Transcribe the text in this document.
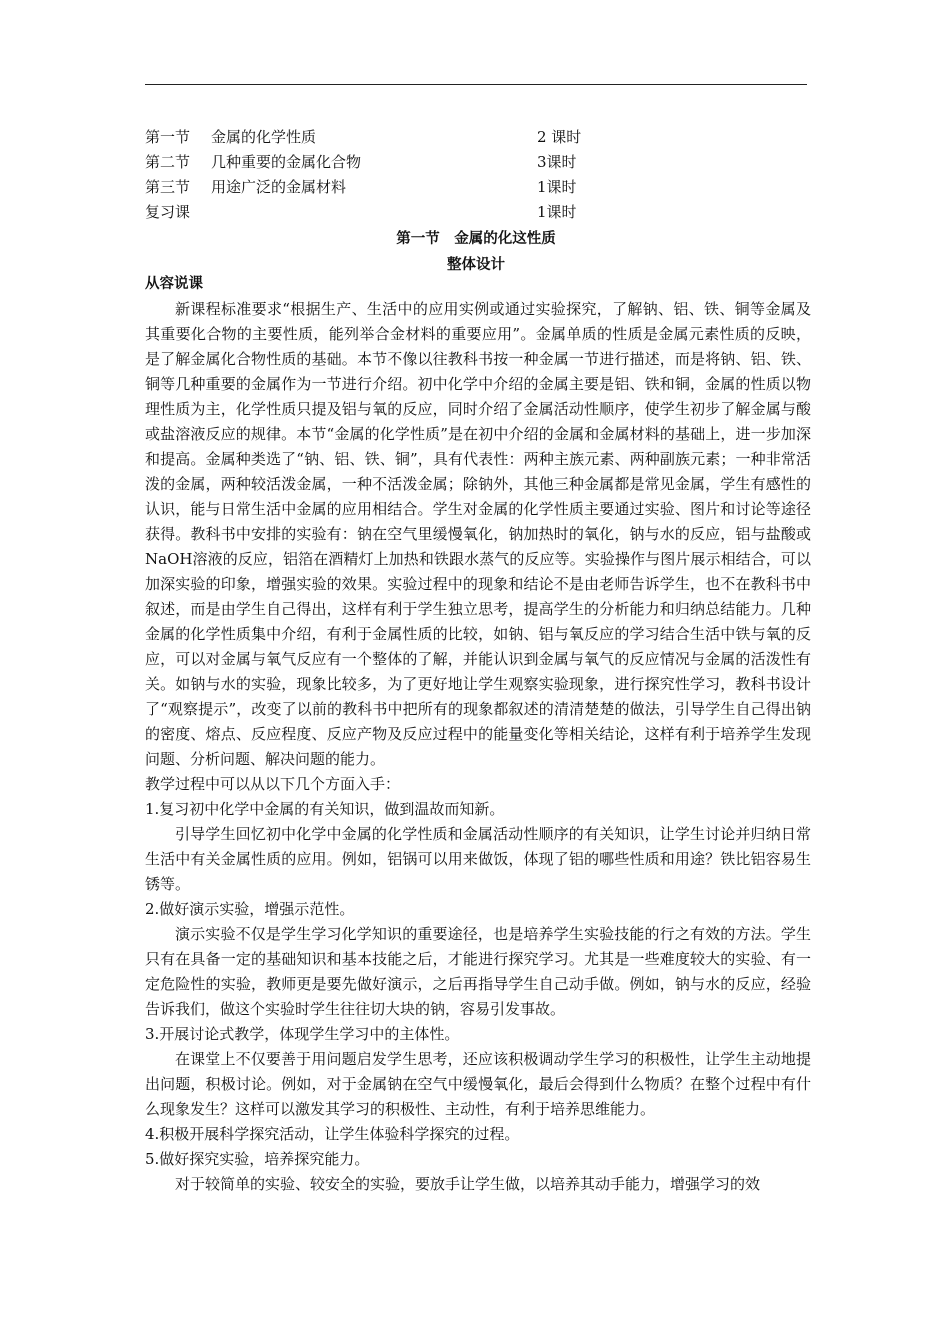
第一节 金属的化学性质	2 课时
第二节 几种重要的金属化合物	3课时
第三节 用途广泛的金属材料	1课时
复习课	1课时
第一节　金属的化这性质
整体设计

从容说课

新课程标准要求“根据生产、生活中的应用实例或通过实验探究，了解钠、铝、铁、铜等金属及其重要化合物的主要性质，能列举合金材料的重要应用”。金属单质的性质是金属元素性质的反映，是了解金属化合物性质的基础。本节不像以往教科书按一种金属一节进行描述，而是将钠、铝、铁、铜等几种重要的金属作为一节进行介绍。初中化学中介绍的金属主要是铝、铁和铜，金属的性质以物理性质为主，化学性质只提及铝与氧的反应，同时介绍了金属活动性顺序，使学生初步了解金属与酸或盐溶液反应的规律。本节“金属的化学性质”是在初中介绍的金属和金属材料的基础上，进一步加深和提高。金属种类选了“钠、铝、铁、铜”，具有代表性：两种主族元素、两种副族元素；一种非常活泼的金属，两种较活泼金属，一种不活泼金属；除钠外，其他三种金属都是常见金属，学生有感性的认识，能与日常生活中金属的应用相结合。学生对金属的化学性质主要通过实验、图片和讨论等途径获得。教科书中安排的实验有：钠在空气里缓慢氧化，钠加热时的氧化，钠与水的反应，铝与盐酸或NaOH溶液的反应，铝箔在酒精灯上加热和铁跟水蒸气的反应等。实验操作与图片展示相结合，可以加深实验的印象，增强实验的效果。实验过程中的现象和结论不是由老师告诉学生，也不在教科书中叙述，而是由学生自己得出，这样有利于学生独立思考，提高学生的分析能力和归纳总结能力。几种金属的化学性质集中介绍，有利于金属性质的比较，如钠、铝与氧反应的学习结合生活中铁与氧的反应，可以对金属与氧气反应有一个整体的了解，并能认识到金属与氧气的反应情况与金属的活泼性有关。如钠与水的实验，现象比较多，为了更好地让学生观察实验现象，进行探究性学习，教科书设计了“观察提示”，改变了以前的教科书中把所有的现象都叙述的清清楚楚的做法，引导学生自己得出钠的密度、熔点、反应程度、反应产物及反应过程中的能量变化等相关结论，这样有利于培养学生发现问题、分析问题、解决问题的能力。

教学过程中可以从以下几个方面入手：

1.复习初中化学中金属的有关知识，做到温故而知新。

引导学生回忆初中化学中金属的化学性质和金属活动性顺序的有关知识，让学生讨论并归纳日常生活中有关金属性质的应用。例如，铝锅可以用来做饭，体现了铝的哪些性质和用途？铁比铝容易生锈等。

2.做好演示实验，增强示范性。

演示实验不仅是学生学习化学知识的重要途径，也是培养学生实验技能的行之有效的方法。学生只有在具备一定的基础知识和基本技能之后，才能进行探究学习。尤其是一些难度较大的实验、有一定危险性的实验，教师更是要先做好演示，之后再指导学生自己动手做。例如，钠与水的反应，经验告诉我们，做这个实验时学生往往切大块的钠，容易引发事故。

3.开展讨论式教学，体现学生学习中的主体性。

在课堂上不仅要善于用问题启发学生思考，还应该积极调动学生学习的积极性，让学生主动地提出问题，积极讨论。例如，对于金属钠在空气中缓慢氧化，最后会得到什么物质？在整个过程中有什么现象发生？这样可以激发其学习的积极性、主动性，有利于培养思维能力。

4.积极开展科学探究活动，让学生体验科学探究的过程。

5.做好探究实验，培养探究能力。

对于较简单的实验、较安全的实验，要放手让学生做，以培养其动手能力，增强学习的效
